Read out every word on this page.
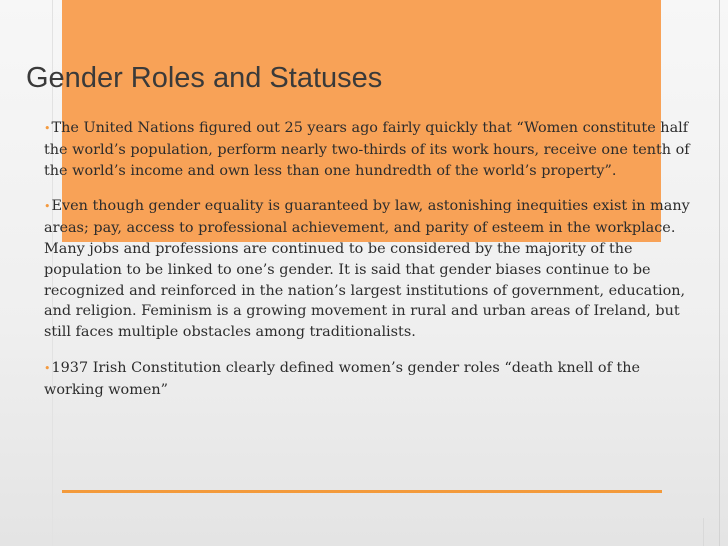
Gender Roles and Statuses

•The United Nations figured out 25 years ago fairly quickly that “Women constitute half the world’s population, perform nearly two-thirds of its work hours, receive one tenth of the world’s income and own less than one hundredth of the world’s property”.

•Even though gender equality is guaranteed by law, astonishing inequities exist in many areas; pay, access to professional achievement, and parity of esteem in the workplace. Many jobs and professions are continued to be considered by the majority of the population to be linked to one’s gender. It is said that gender biases continue to be recognized and reinforced in the nation’s largest institutions of government, education, and religion. Feminism is a growing movement in rural and urban areas of Ireland, but still faces multiple obstacles among traditionalists.

•1937 Irish Constitution clearly defined women’s gender roles “death knell of the working women”
